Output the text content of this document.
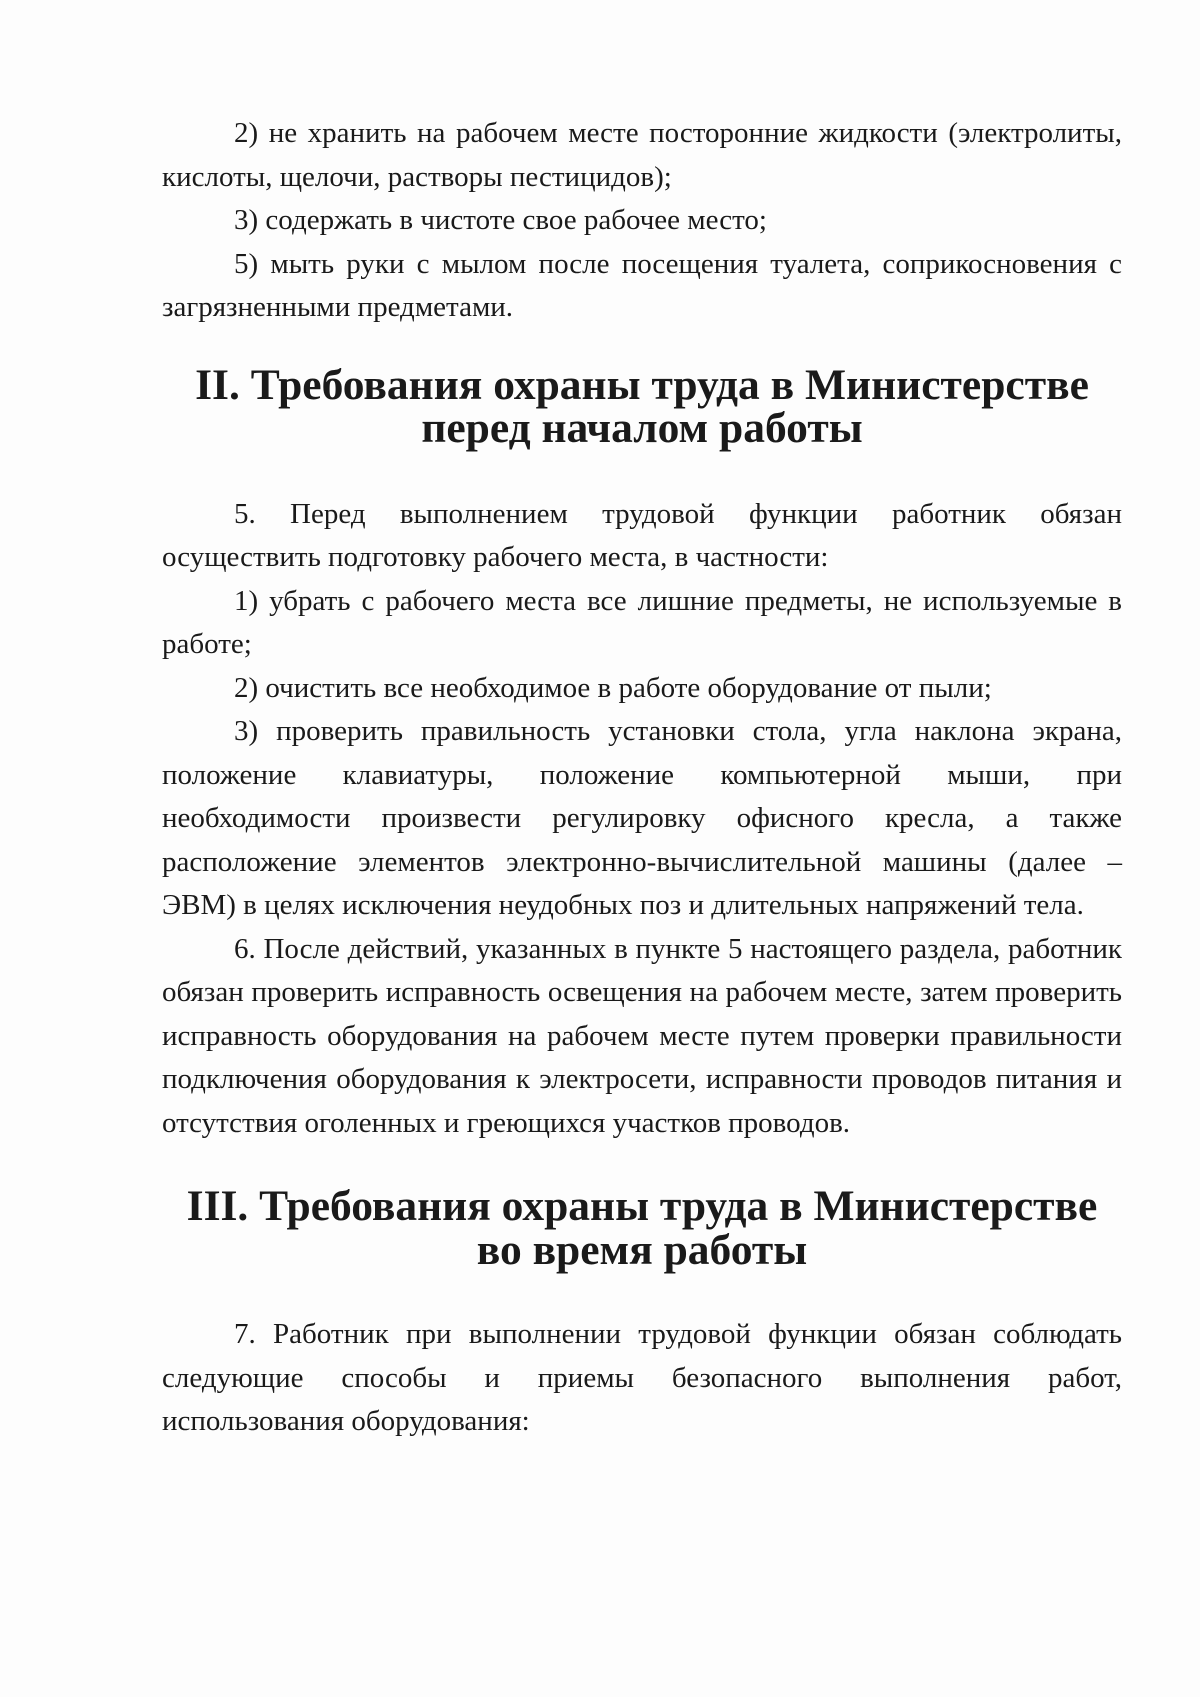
2) не хранить на рабочем месте посторонние жидкости (электролиты, кислоты, щелочи, растворы пестицидов);

3) содержать в чистоте свое рабочее место;

5) мыть руки с мылом после посещения туалета, соприкосновения с загрязненными предметами.

II. Требования охраны труда в Министерстве
перед началом работы

5. Перед выполнением трудовой функции работник обязан осуществить подготовку рабочего места, в частности:

1) убрать с рабочего места все лишние предметы, не используемые в работе;

2) очистить все необходимое в работе оборудование от пыли;

3) проверить правильность установки стола, угла наклона экрана, положение клавиатуры, положение компьютерной мыши, при необходимости произвести регулировку офисного кресла, а также расположение элементов электронно-вычислительной машины (далее – ЭВМ) в целях исключения неудобных поз и длительных напряжений тела.

6. После действий, указанных в пункте 5 настоящего раздела, работник обязан проверить исправность освещения на рабочем месте, затем проверить исправность оборудования на рабочем месте путем проверки правильности подключения оборудования к электросети, исправности проводов питания и отсутствия оголенных и греющихся участков проводов.

III. Требования охраны труда в Министерстве во время работы

7. Работник при выполнении трудовой функции обязан соблюдать следующие способы и приемы безопасного выполнения работ, использования оборудования:
